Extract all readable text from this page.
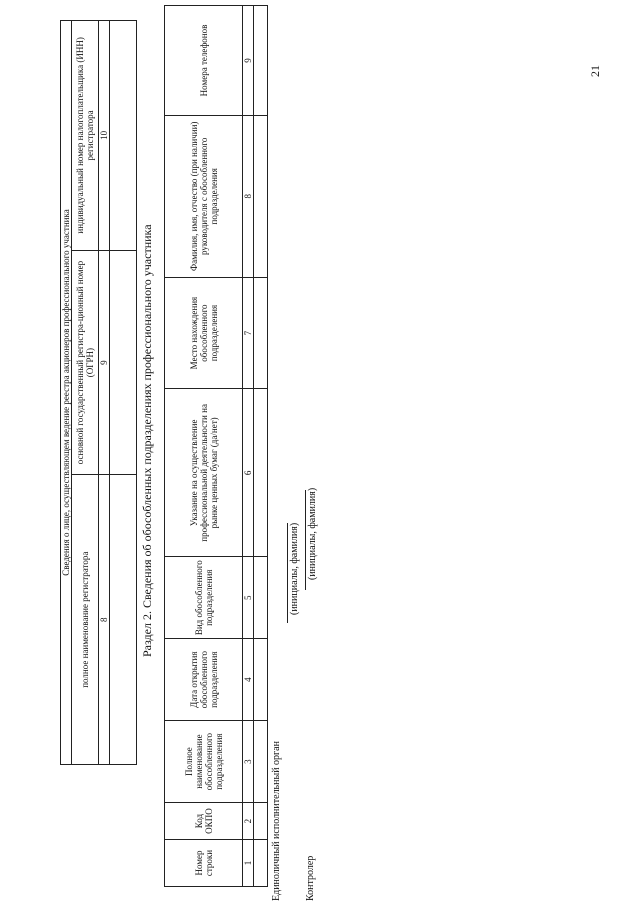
21
Сведения о лице, осуществляющем ведение реестра акционеров профессионального участника		
полное наименование регистратора	основной государственный регистра-ционный номер (ОГРН)	индивидуальный номер налогоплательщика (ИНН) регистратора
8	9	10

Раздел 2. Сведения об обособленных подразделениях профессионального участника
Номер строки	Код ОКПО	Полное наименование обособленного подразделения	Дата открытия обособленного подразделения	Вид обособленного подразделения	Указание на осуществление профессиональной деятельности на рынке ценных бумаг (да/нет)	Место нахождения обособленного подразделения	Фамилия, имя, отчество (при наличии) руководителя с обособленного подразделения	Номера телефонов
1	2	3	4	5	6	7	8	9

Единоличный исполнительный орган
(инициалы, фамилия)
Контролер
(инициалы, фамилия)
